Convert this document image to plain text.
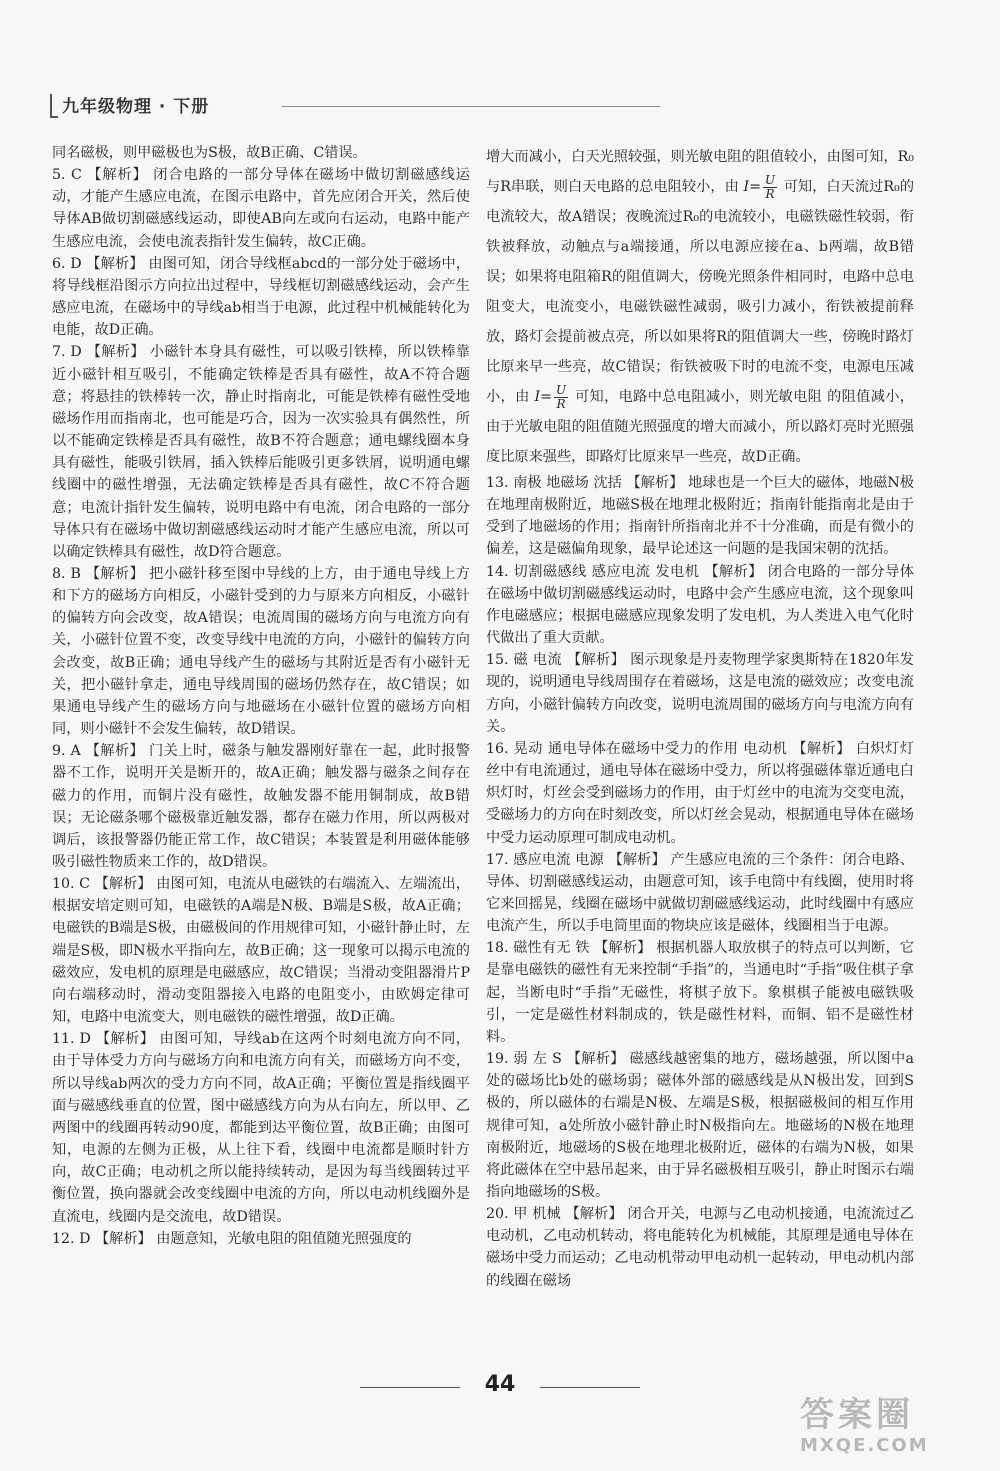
九年级物理 · 下册

同名磁极，则甲磁极也为S极，故B正确、C错误。

5. C 【解析】 闭合电路的一部分导体在磁场中做切割磁感线运动，才能产生感应电流，在图示电路中，首先应闭合开关，然后使导体AB做切割磁感线运动，即使AB向左或向右运动，电路中能产生感应电流，会使电流表指针发生偏转，故C正确。

6. D 【解析】 由图可知，闭合导线框abcd的一部分处于磁场中，将导线框沿图示方向拉出过程中，导线框切割磁感线运动，会产生感应电流，在磁场中的导线ab相当于电源，此过程中机械能转化为电能，故D正确。

7. D 【解析】 小磁针本身具有磁性，可以吸引铁棒，所以铁棒靠近小磁针相互吸引，不能确定铁棒是否具有磁性，故A不符合题意；将悬挂的铁棒转一次，静止时指南北，可能是铁棒有磁性受地磁场作用而指南北，也可能是巧合，因为一次实验具有偶然性，所以不能确定铁棒是否具有磁性，故B不符合题意；通电螺线圈本身具有磁性，能吸引铁屑，插入铁棒后能吸引更多铁屑，说明通电螺线圈中的磁性增强，无法确定铁棒是否具有磁性，故C不符合题意；电流计指针发生偏转，说明电路中有电流，闭合电路的一部分导体只有在磁场中做切割磁感线运动时才能产生感应电流，所以可以确定铁棒具有磁性，故D符合题意。

8. B 【解析】 把小磁针移至图中导线的上方，由于通电导线上方和下方的磁场方向相反，小磁针受到的力与原来方向相反，小磁针的偏转方向会改变，故A错误；电流周围的磁场方向与电流方向有关，小磁针位置不变，改变导线中电流的方向，小磁针的偏转方向会改变，故B正确；通电导线产生的磁场与其附近是否有小磁针无关，把小磁针拿走，通电导线周围的磁场仍然存在，故C错误；如果通电导线产生的磁场方向与地磁场在小磁针位置的磁场方向相同，则小磁针不会发生偏转，故D错误。

9. A 【解析】 门关上时，磁条与触发器刚好靠在一起，此时报警器不工作，说明开关是断开的，故A正确；触发器与磁条之间存在磁力的作用，而铜片没有磁性，故触发器不能用铜制成，故B错误；无论磁条哪个磁极靠近触发器，都存在磁力作用，所以两极对调后，该报警器仍能正常工作，故C错误；本装置是利用磁体能够吸引磁性物质来工作的，故D错误。

10. C 【解析】 由图可知，电流从电磁铁的右端流入、左端流出，根据安培定则可知，电磁铁的A端是N极、B端是S极，故A正确；电磁铁的B端是S极，由磁极间的作用规律可知，小磁针静止时，左端是S极，即N极水平指向左，故B正确；这一现象可以揭示电流的磁效应，发电机的原理是电磁感应，故C错误；当滑动变阻器滑片P向右端移动时，滑动变阻器接入电路的电阻变小，由欧姆定律可知，电路中电流变大，则电磁铁的磁性增强，故D正确。

11. D 【解析】 由图可知，导线ab在这两个时刻电流方向不同，由于导体受力方向与磁场方向和电流方向有关，而磁场方向不变，所以导线ab两次的受力方向不同，故A正确；平衡位置是指线圈平面与磁感线垂直的位置，图中磁感线方向为从右向左，所以甲、乙两图中的线圈再转动90度，都能到达平衡位置，故B正确；由图可知，电源的左侧为正极，从上往下看，线圈中电流都是顺时针方向，故C正确；电动机之所以能持续转动，是因为每当线圈转过平衡位置，换向器就会改变线圈中电流的方向，所以电动机线圈外是直流电，线圈内是交流电，故D错误。

12. D 【解析】 由题意知，光敏电阻的阻值随光照强度的

增大而减小，白天光照较强，则光敏电阻的阻值较小，由图可知，R₀与R串联，则白天电路的总电阻较小，由 $I= \frac{U}{R}$ 可知，白天流过R₀的电流较大，故A错误；夜晚流过R₀的电流较小，电磁铁磁性较弱，衔铁被释放，动触点与a端接通，所以电源应接在a、b两端，故B错误；如果将电阻箱R的阻值调大，傍晚光照条件相同时，电路中总电阻变大，电流变小，电磁铁磁性减弱，吸引力减小，衔铁被提前释放，路灯会提前被点亮，所以如果将R的阻值调大一些，傍晚时路灯比原来早一些亮，故C错误；衔铁被吸下时的电流不变，电源电压减 小，由 $I= \frac{U}{R}$ 可知，电路中总电阻减小，则光敏电阻 的阻值减小，由于光敏电阻的阻值随光照强度的增大而减小，所以路灯亮时光照强度比原来强些，即路灯比原来早一些亮，故D正确。

13. 南极 地磁场 沈括 【解析】 地球也是一个巨大的磁体，地磁N极在地理南极附近，地磁S极在地理北极附近；指南针能指南北是由于受到了地磁场的作用；指南针所指南北并不十分准确，而是有微小的偏差，这是磁偏角现象，最早论述这一问题的是我国宋朝的沈括。

14. 切割磁感线 感应电流 发电机 【解析】 闭合电路的一部分导体在磁场中做切割磁感线运动时，电路中会产生感应电流，这个现象叫作电磁感应；根据电磁感应现象发明了发电机，为人类进入电气化时代做出了重大贡献。

15. 磁 电流 【解析】 图示现象是丹麦物理学家奥斯特在1820年发现的，说明通电导线周围存在着磁场，这是电流的磁效应；改变电流方向，小磁针偏转方向改变，说明电流周围的磁场方向与电流方向有关。

16. 晃动 通电导体在磁场中受力的作用 电动机 【解析】 白炽灯灯丝中有电流通过，通电导体在磁场中受力，所以将强磁体靠近通电白炽灯时，灯丝会受到磁场力的作用，由于灯丝中的电流为交变电流，受磁场力的方向在时刻改变，所以灯丝会晃动，根据通电导体在磁场中受力运动原理可制成电动机。

17. 感应电流 电源 【解析】 产生感应电流的三个条件：闭合电路、导体、切割磁感线运动，由题意可知，该手电筒中有线圈，使用时将它来回摇晃，线圈在磁场中就做切割磁感线运动，此时线圈中有感应电流产生，所以手电筒里面的物块应该是磁体，线圈相当于电源。

18. 磁性有无 铁 【解析】 根据机器人取放棋子的特点可以判断，它是靠电磁铁的磁性有无来控制“手指”的，当通电时“手指”吸住棋子拿起，当断电时“手指”无磁性，将棋子放下。象棋棋子能被电磁铁吸引，一定是磁性材料制成的，铁是磁性材料，而铜、铝不是磁性材料。

19. 弱 左 S 【解析】 磁感线越密集的地方，磁场越强，所以图中a处的磁场比b处的磁场弱；磁体外部的磁感线是从N极出发，回到S极的，所以磁体的右端是N极、左端是S极，根据磁极间的相互作用规律可知，a处所放小磁针静止时N极指向左。地磁场的N极在地理南极附近，地磁场的S极在地理北极附近，磁体的右端为N极，如果将此磁体在空中悬吊起来，由于异名磁极相互吸引，静止时图示右端指向地磁场的S极。

20. 甲 机械 【解析】 闭合开关，电源与乙电动机接通，电流流过乙电动机，乙电动机转动，将电能转化为机械能，其原理是通电导体在磁场中受力而运动；乙电动机带动甲电动机一起转动，甲电动机内部的线圈在磁场

44
答案圈
MXQE.COM
